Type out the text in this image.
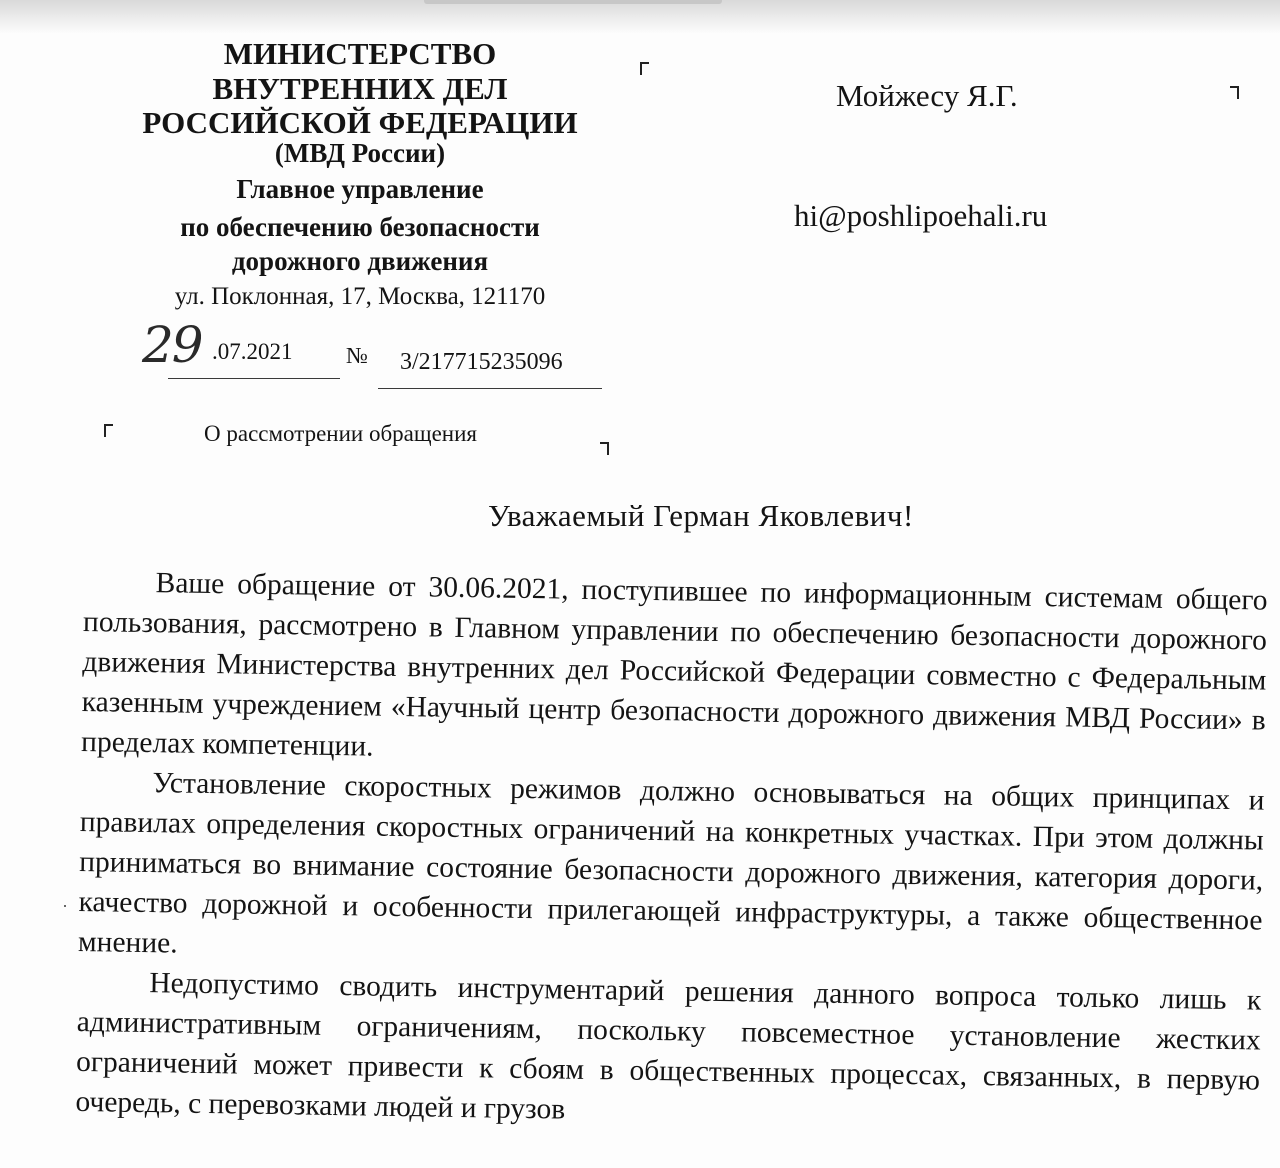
МИНИСТЕРСТВО
ВНУТРЕННИХ ДЕЛ
РОССИЙСКОЙ ФЕДЕРАЦИИ
(МВД России)
Главное управление
по обеспечению безопасности
дорожного движения
ул. Поклонная, 17, Москва, 121170
Мойжесу Я.Г.
hi@poshlipoehali.ru
29 .07.2021 № 3/217715235096
О рассмотрении обращения
Уважаемый Герман Яковлевич!

Ваше обращение от 30.06.2021, поступившее по информационным системам общего пользования, рассмотрено в Главном управлении по обеспечению безопасности дорожного движения Министерства внутренних дел Российской Федерации совместно с Федеральным казенным учреждением «Научный центр безопасности дорожного движения МВД России» в пределах компетенции.

Установление скоростных режимов должно основываться на общих принципах и правилах определения скоростных ограничений на конкретных участках. При этом должны приниматься во внимание состояние безопасности дорожного движения, категория дороги, качество дорожной и особенности прилегающей инфраструктуры, а также общественное мнение
.

Недопустимо сводить инструментарий решения данного вопроса только лишь к административным ограничениям, поскольку повсеместное установление жестких ограничений может привести к сбоям в общественных процессах, связанных, в первую очередь, с перевозками людей и грузов
